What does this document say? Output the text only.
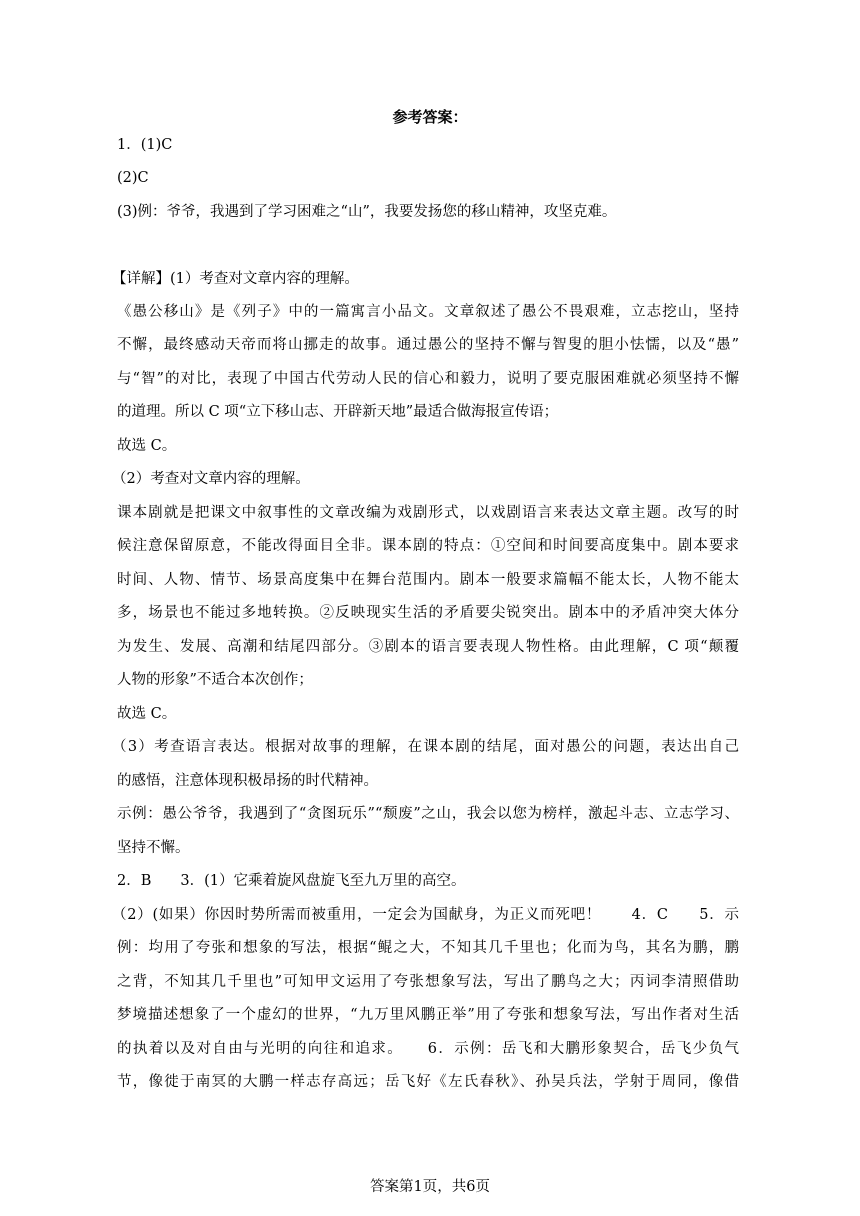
参考答案：
1．(1)C
(2)C
(3)例：爷爷，我遇到了学习困难之“山”，我要发扬您的移山精神，攻坚克难。
【详解】(1）考查对文章内容的理解。
《愚公移山》是《列子》中的一篇寓言小品文。文章叙述了愚公不畏艰难，立志挖山，坚持
不懈，最终感动天帝而将山挪走的故事。通过愚公的坚持不懈与智叟的胆小怯懦，以及“愚”
与“智”的对比，表现了中国古代劳动人民的信心和毅力，说明了要克服困难就必须坚持不懈
的道理。所以 C 项“立下移山志、开辟新天地”最适合做海报宣传语；
故选 C。
（2）考查对文章内容的理解。
课本剧就是把课文中叙事性的文章改编为戏剧形式，以戏剧语言来表达文章主题。改写的时
候注意保留原意，不能改得面目全非。课本剧的特点：①空间和时间要高度集中。剧本要求
时间、人物、情节、场景高度集中在舞台范围内。剧本一般要求篇幅不能太长，人物不能太
多，场景也不能过多地转换。②反映现实生活的矛盾要尖锐突出。剧本中的矛盾冲突大体分
为发生、发展、高潮和结尾四部分。③剧本的语言要表现人物性格。由此理解，C 项“颠覆
人物的形象”不适合本次创作；
故选 C。
（3）考查语言表达。根据对故事的理解，在课本剧的结尾，面对愚公的问题，表达出自己
的感悟，注意体现积极昂扬的时代精神。
示例：愚公爷爷，我遇到了“贪图玩乐”“颓废”之山，我会以您为榜样，激起斗志、立志学习、
坚持不懈。
2．B　　3．(1）它乘着旋风盘旋飞至九万里的高空。
（2）(如果）你因时势所需而被重用，一定会为国献身，为正义而死吧！　　4．C　　5．示
例：均用了夸张和想象的写法，根据“鲲之大，不知其几千里也；化而为鸟，其名为鹏，鹏
之背，不知其几千里也”可知甲文运用了夸张想象写法，写出了鹏鸟之大；丙词李清照借助
梦境描述想象了一个虚幻的世界，“九万里风鹏正举”用了夸张和想象写法，写出作者对生活
的执着以及对自由与光明的向往和追求。　　6．示例：岳飞和大鹏形象契合，岳飞少负气
节，像徙于南冥的大鹏一样志存高远；岳飞好《左氏春秋》、孙吴兵法，学射于周同，像借
答案第1页，共6页
